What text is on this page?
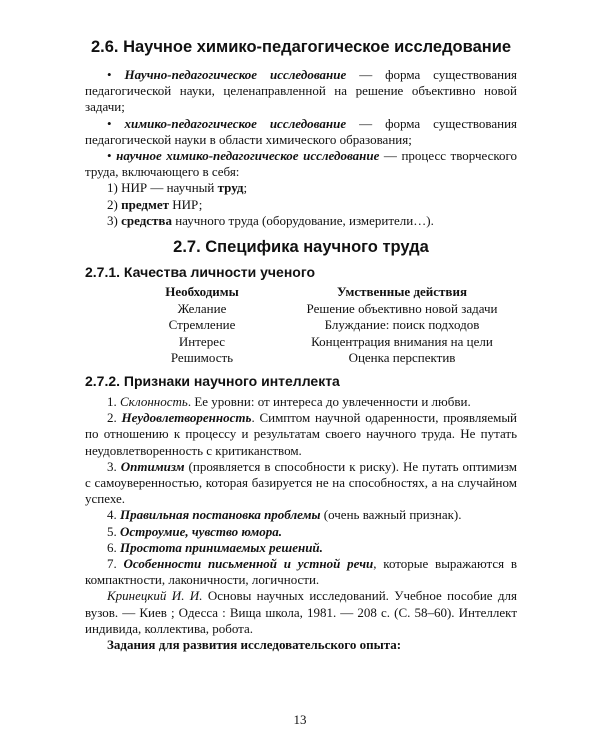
2.6. Научное химико-педагогическое исследование

• Научно-педагогическое исследование — форма существования педагогической науки, целенаправленной на решение объективно новой задачи;

• химико-педагогическое исследование — форма существования педагогической науки в области химического образования;

• научное химико-педагогическое исследование — процесс творческого труда, включающего в себя:

1) НИР — научный труд;
2) предмет НИР;
3) средства научного труда (оборудование, измерители…).
2.7. Специфика научного труда
2.7.1. Качества личности ученого
Необходимы	Умственные действия
Желание	Решение объективно новой задачи
Стремление	Блуждание: поиск подходов
Интерес	Концентрация внимания на цели
Решимость	Оценка перспектив
2.7.2. Признаки научного интеллекта

1. Склонность. Ее уровни: от интереса до увлеченности и любви.

2. Неудовлетворенность. Симптом научной одаренности, проявляемый по отношению к процессу и результатам своего научного труда. Не путать неудовлетворенность с критиканством.

3. Оптимизм (проявляется в способности к риску). Не путать оптимизм с самоуверенностью, которая базируется не на способностях, а на случайном успехе.

4. Правильная постановка проблемы (очень важный признак).

5. Остроумие, чувство юмора.

6. Простота принимаемых решений.

7. Особенности письменной и устной речи, которые выражаются в компактности, лаконичности, логичности.

Кринецкий И. И. Основы научных исследований. Учебное пособие для вузов. — Киев ; Одесса : Вища школа, 1981. — 208 с. (С. 58–60). Интеллект индивида, коллектива, робота.

Задания для развития исследовательского опыта:

13
